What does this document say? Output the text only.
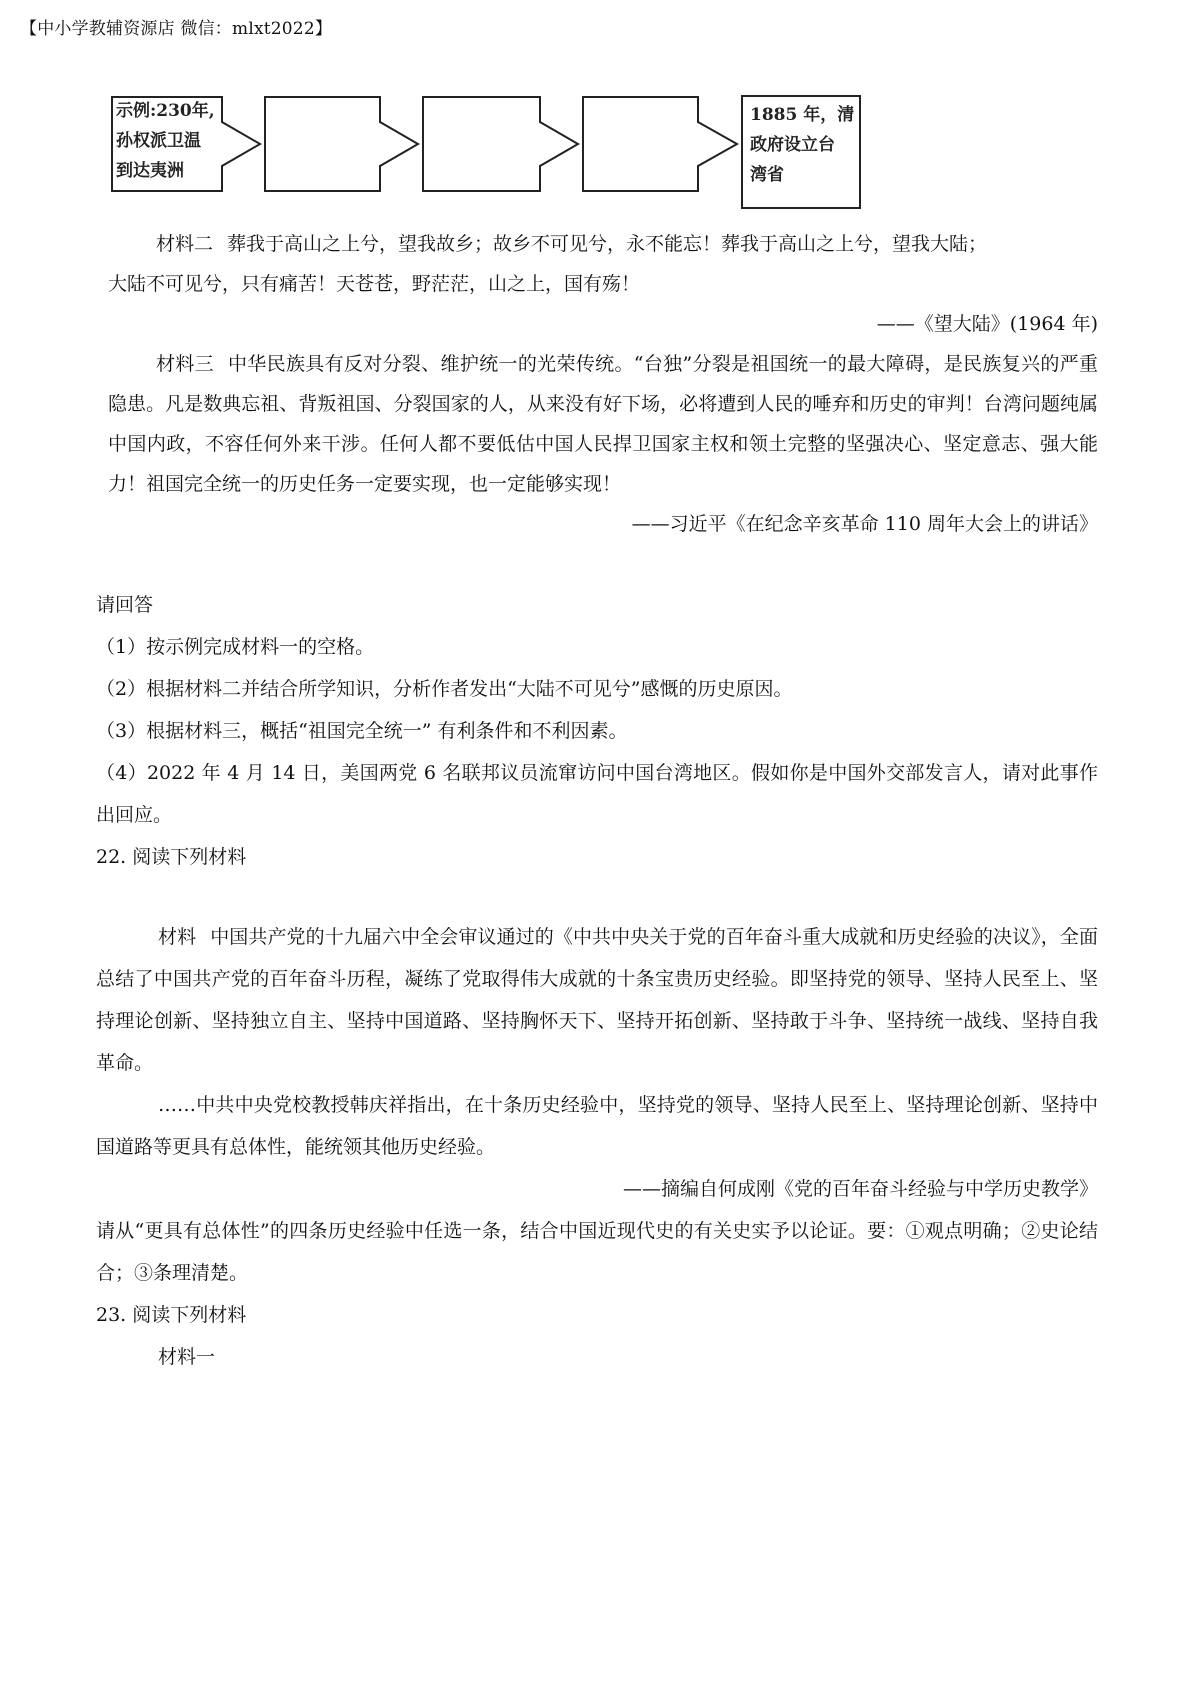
【中小学教辅资源店 微信：mlxt2022】
示例:230年,
孙权派卫温
到达夷洲
1885 年，清
政府设立台
湾省

材料二 葬我于高山之上兮，望我故乡；故乡不可见兮，永不能忘！葬我于高山之上兮，望我大陆；

大陆不可见兮，只有痛苦！天苍苍，野茫茫，山之上，国有殇！

——《望大陆》(1964 年)

材料三 中华民族具有反对分裂、维护统一的光荣传统。“台独”分裂是祖国统一的最大障碍，是民族复兴的严重隐患。凡是数典忘祖、背叛祖国、分裂国家的人，从来没有好下场，必将遭到人民的唾弃和历史的审判！台湾问题纯属中国内政，不容任何外来干涉。任何人都不要低估中国人民捍卫国家主权和领土完整的坚强决心、坚定意志、强大能力！祖国完全统一的历史任务一定要实现，也一定能够实现！

——习近平《在纪念辛亥革命 110 周年大会上的讲话》

请回答

（1）按示例完成材料一的空格。

（2）根据材料二并结合所学知识，分析作者发出“大陆不可见兮”感慨的历史原因。

（3）根据材料三，概括“祖国完全统一” 有利条件和不利因素。

（4）2022 年 4 月 14 日，美国两党 6 名联邦议员流窜访问中国台湾地区。假如你是中国外交部发言人，请对此事作出回应。

22. 阅读下列材料

材料 中国共产党的十九届六中全会审议通过的《中共中央关于党的百年奋斗重大成就和历史经验的决议》，全面总结了中国共产党的百年奋斗历程，凝练了党取得伟大成就的十条宝贵历史经验。即坚持党的领导、坚持人民至上、坚持理论创新、坚持独立自主、坚持中国道路、坚持胸怀天下、坚持开拓创新、坚持敢于斗争、坚持统一战线、坚持自我革命。

……中共中央党校教授韩庆祥指出，在十条历史经验中，坚持党的领导、坚持人民至上、坚持理论创新、坚持中国道路等更具有总体性，能统领其他历史经验。

——摘编自何成刚《党的百年奋斗经验与中学历史教学》

请从“更具有总体性”的四条历史经验中任选一条，结合中国近现代史的有关史实予以论证。要：①观点明确；②史论结合；③条理清楚。

23. 阅读下列材料

材料一
